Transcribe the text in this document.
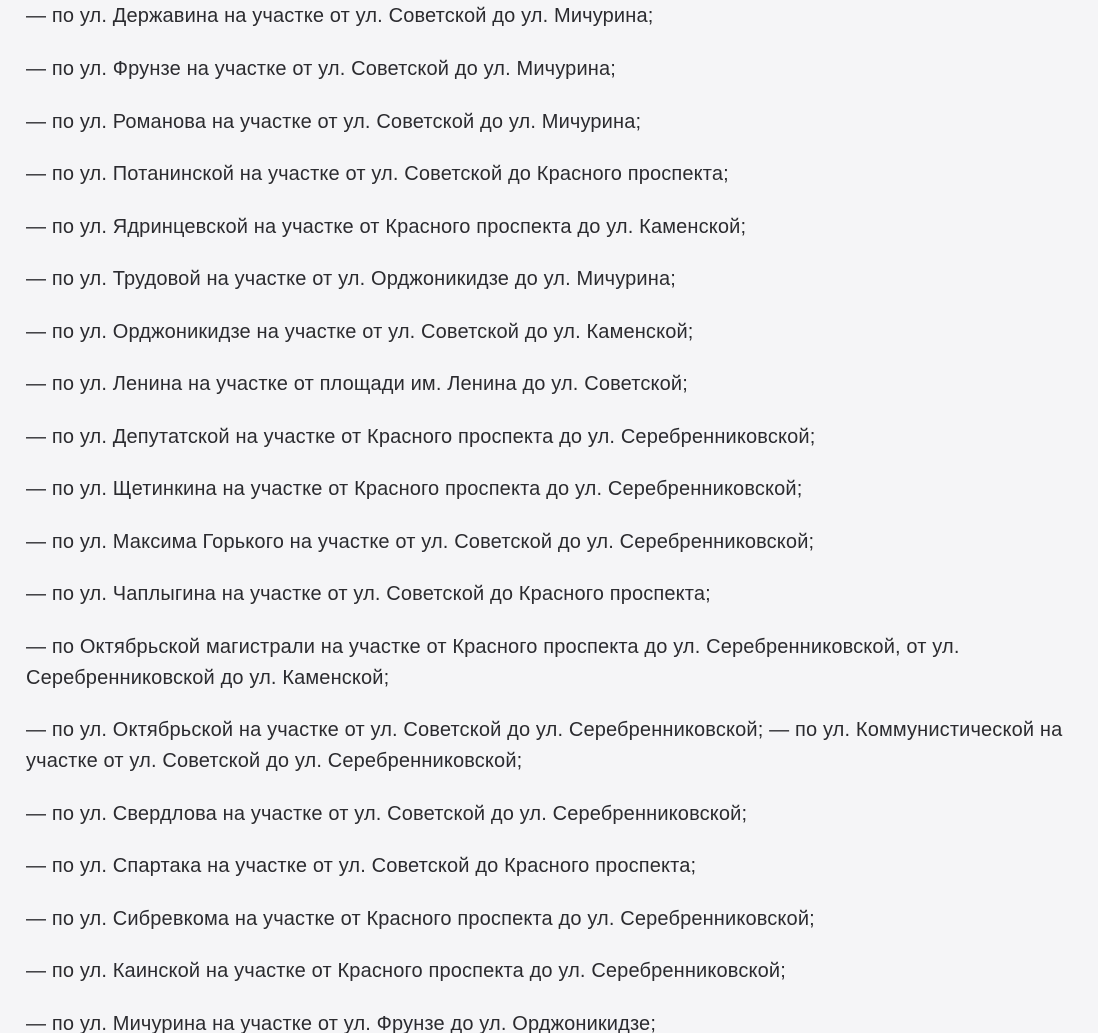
— по ул. Державина на участке от ул. Советской до ул. Мичурина;
— по ул. Фрунзе на участке от ул. Советской до ул. Мичурина;
— по ул. Романова на участке от ул. Советской до ул. Мичурина;
— по ул. Потанинской на участке от ул. Советской до Красного проспекта;
— по ул. Ядринцевской на участке от Красного проспекта до ул. Каменской;
— по ул. Трудовой на участке от ул. Орджоникидзе до ул. Мичурина;
— по ул. Орджоникидзе на участке от ул. Советской до ул. Каменской;
— по ул. Ленина на участке от площади им. Ленина до ул. Советской;
— по ул. Депутатской на участке от Красного проспекта до ул. Серебренниковской;
— по ул. Щетинкина на участке от Красного проспекта до ул. Серебренниковской;
— по ул. Максима Горького на участке от ул. Советской до ул. Серебренниковской;
— по ул. Чаплыгина на участке от ул. Советской до Красного проспекта;
— по Октябрьской магистрали на участке от Красного проспекта до ул. Серебренниковской, от ул. Серебренниковской до ул. Каменской;
— по ул. Октябрьской на участке от ул. Советской до ул. Серебренниковской; — по ул. Коммунистической на участке от ул. Советской до ул. Серебренниковской;
— по ул. Свердлова на участке от ул. Советской до ул. Серебренниковской;
— по ул. Спартака на участке от ул. Советской до Красного проспекта;
— по ул. Сибревкома на участке от Красного проспекта до ул. Серебренниковской;
— по ул. Каинской на участке от Красного проспекта до ул. Серебренниковской;
— по ул. Мичурина на участке от ул. Фрунзе до ул. Орджоникидзе;
